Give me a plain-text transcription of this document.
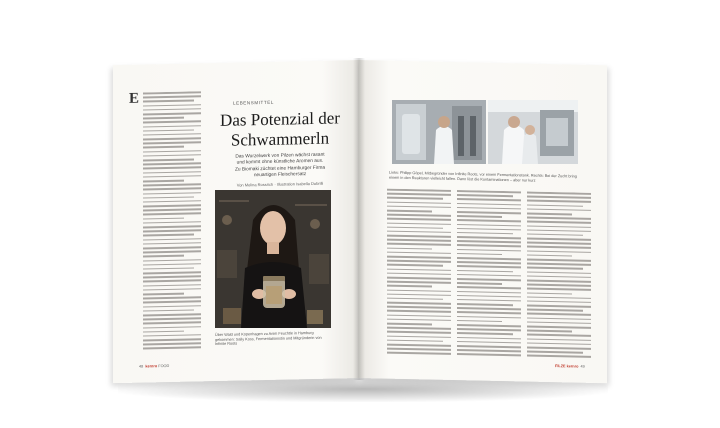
E	LEBENSMITTEL
Das Potenzial der
Schwammerln
Das Wurzelwerk von Pilzen wächst rasant
und kommt ohne künstliche Aromen aus.
Zu Biomaki züchtet eine Hamburger Firma
neuartigen Fleischersatz
Von Melina Rossrich · Illustration Isabella Dobrilli
Über Wald und Kopenhagen zu Anim Feuchtle in Hamburg gekommen: Sally Koss, Fermentationistin und Mitgründerin von Infinite Roots
48 kernro FOOD
Links: Philipp Göpel, Mitbegründer von Infinite Roots, vor einem Fermentationstank. Rechts: Bei der Zucht bring einem in den Reaktoren vielleicht fallen. Dann löst die Kontaminationen – aber nur kurz
FILZE kernro 49
